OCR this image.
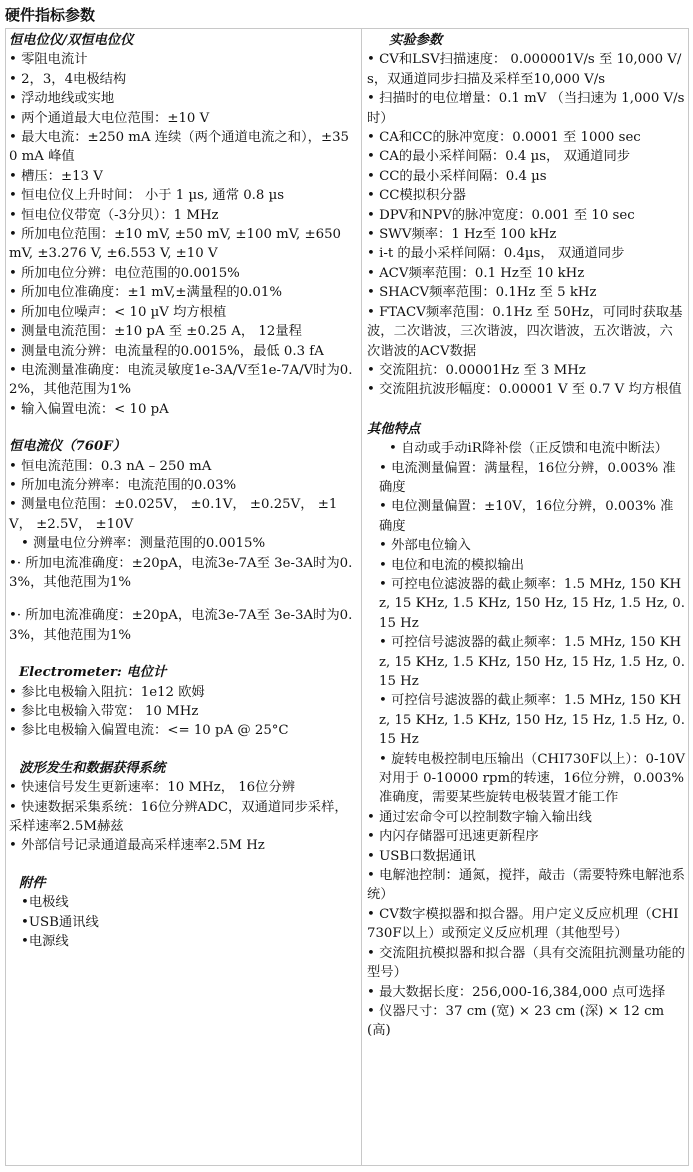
硬件指标参数

恒电位仪/双恒电位仪

• 零阻电流计

• 2，3，4电极结构

• 浮动地线或实地

• 两个通道最大电位范围：±10 V

• 最大电流：±250 mA 连续（两个通道电流之和），±350 mA 峰值

• 槽压：±13 V

• 恒电位仪上升时间： 小于 1 µs, 通常 0.8 µs

• 恒电位仪带宽（-3分贝）：1 MHz

• 所加电位范围：±10 mV, ±50 mV, ±100 mV, ±650 mV, ±3.276 V, ±6.553 V, ±10 V

• 所加电位分辨：电位范围的0.0015%

• 所加电位准确度：±1 mV,±满量程的0.01%

• 所加电位噪声：< 10 µV 均方根植

• 测量电流范围：±10 pA 至 ±0.25 A， 12量程

• 测量电流分辨：电流量程的0.0015%，最低 0.3 fA

• 电流测量准确度：电流灵敏度1e-3A/V至1e-7A/V时为0.2%，其他范围为1%

• 输入偏置电流：< 10 pA

恒电流仪（760F）

• 恒电流范围：0.3 nA – 250 mA

• 所加电流分辨率：电流范围的0.03%

• 测量电位范围：±0.025V， ±0.1V， ±0.25V， ±1V， ±2.5V， ±10V

• 测量电位分辨率：测量范围的0.0015%

•· 所加电流准确度：±20pA，电流3e-7A至 3e-3A时为0.3%，其他范围为1%

•· 所加电流准确度：±20pA，电流3e-7A至 3e-3A时为0.3%，其他范围为1%

Electrometer: 电位计

• 参比电极输入阻抗：1e12 欧姆

• 参比电极输入带宽： 10 MHz

• 参比电极输入偏置电流：<= 10 pA @ 25°C

波形发生和数据获得系统

• 快速信号发生更新速率：10 MHz， 16位分辨

• 快速数据采集系统：16位分辨ADC，双通道同步采样，采样速率2.5M赫兹

• 外部信号记录通道最高采样速率2.5M Hz

附件

•电极线

•USB通讯线

•电源线

实验参数

• CV和LSV扫描速度： 0.000001V/s 至 10,000 V/s，双通道同步扫描及采样至10,000 V/s

• 扫描时的电位增量：0.1 mV （当扫速为 1,000 V/s时）

• CA和CC的脉冲宽度：0.0001 至 1000 sec

• CA的最小采样间隔：0.4 µs， 双通道同步

• CC的最小采样间隔：0.4 µs

• CC模拟积分器

• DPV和NPV的脉冲宽度：0.001 至 10 sec

• SWV频率：1 Hz至 100 kHz

• i-t 的最小采样间隔：0.4µs， 双通道同步

• ACV频率范围：0.1 Hz至 10 kHz

• SHACV频率范围：0.1Hz 至 5 kHz

• FTACV频率范围：0.1Hz 至 50Hz，可同时获取基波，二次谐波，三次谐波，四次谐波，五次谐波，六次谐波的ACV数据

• 交流阻抗：0.00001Hz 至 3 MHz

• 交流阻抗波形幅度：0.00001 V 至 0.7 V 均方根值

其他特点

• 自动或手动iR降补偿（正反馈和电流中断法）

• 电流测量偏置：满量程，16位分辨，0.003% 准确度

• 电位测量偏置：±10V，16位分辨，0.003% 准确度

• 外部电位输入

• 电位和电流的模拟输出

• 可控电位滤波器的截止频率：1.5 MHz, 150 KHz, 15 KHz, 1.5 KHz, 150 Hz, 15 Hz, 1.5 Hz, 0.15 Hz

• 可控信号滤波器的截止频率：1.5 MHz, 150 KHz, 15 KHz, 1.5 KHz, 150 Hz, 15 Hz, 1.5 Hz, 0.15 Hz

• 可控信号滤波器的截止频率：1.5 MHz, 150 KHz, 15 KHz, 1.5 KHz, 150 Hz, 15 Hz, 1.5 Hz, 0.15 Hz

• 旋转电极控制电压输出（CHI730F以上）：0-10V 对用于 0-10000 rpm的转速，16位分辨，0.003% 准确度，需要某些旋转电极装置才能工作

• 通过宏命令可以控制数字输入输出线

• 内闪存储器可迅速更新程序

• USB口数据通讯

• 电解池控制：通氮，搅拌，敲击（需要特殊电解池系统）

• CV数字模拟器和拟合器。用户定义反应机理（CHI730F以上）或预定义反应机理（其他型号）

• 交流阻抗模拟器和拟合器（具有交流阻抗测量功能的型号）

• 最大数据长度：256,000-16,384,000 点可选择

• 仪器尺寸：37 cm (宽) × 23 cm (深) × 12 cm (高)
